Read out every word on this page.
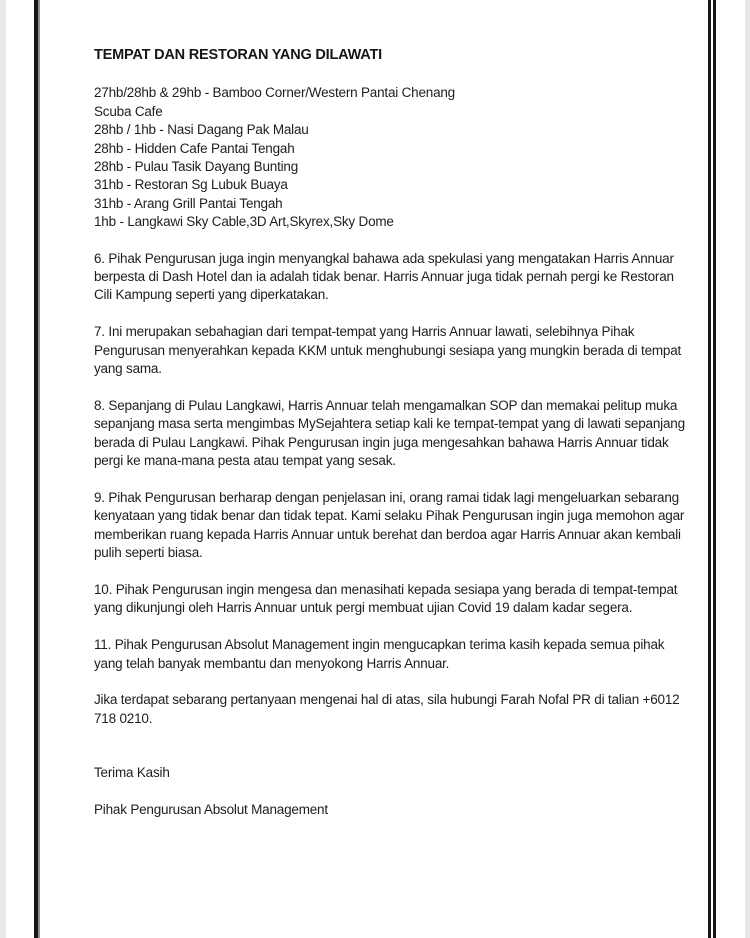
TEMPAT DAN RESTORAN YANG DILAWATI
27hb/28hb & 29hb - Bamboo Corner/Western Pantai Chenang
Scuba Cafe
28hb / 1hb - Nasi Dagang Pak Malau
28hb - Hidden Cafe Pantai Tengah
28hb - Pulau Tasik Dayang Bunting
31hb - Restoran Sg Lubuk Buaya
31hb - Arang Grill Pantai Tengah
1hb - Langkawi Sky Cable,3D Art,Skyrex,Sky Dome

6. Pihak Pengurusan juga ingin menyangkal bahawa ada spekulasi yang mengatakan Harris Annuar berpesta di Dash Hotel dan ia adalah tidak benar. Harris Annuar juga tidak pernah pergi ke Restoran Cili Kampung seperti yang diperkatakan.

7. Ini merupakan sebahagian dari tempat-tempat yang Harris Annuar lawati, selebihnya Pihak Pengurusan menyerahkan kepada KKM untuk menghubungi sesiapa yang mungkin berada di tempat yang sama.

8. Sepanjang di Pulau Langkawi, Harris Annuar telah mengamalkan SOP dan memakai pelitup muka sepanjang masa serta mengimbas MySejahtera setiap kali ke tempat-tempat yang di lawati sepanjang berada di Pulau Langkawi. Pihak Pengurusan ingin juga mengesahkan bahawa Harris Annuar tidak pergi ke mana-mana pesta atau tempat yang sesak.

9. Pihak Pengurusan berharap dengan penjelasan ini, orang ramai tidak lagi mengeluarkan sebarang kenyataan yang tidak benar dan tidak tepat. Kami selaku Pihak Pengurusan ingin juga memohon agar memberikan ruang kepada Harris Annuar untuk berehat dan berdoa agar Harris Annuar akan kembali pulih seperti biasa.

10. Pihak Pengurusan ingin mengesa dan menasihati kepada sesiapa yang berada di tempat-tempat yang dikunjungi oleh Harris Annuar untuk pergi membuat ujian Covid 19 dalam kadar segera.

11. Pihak Pengurusan Absolut Management ingin mengucapkan terima kasih kepada semua pihak yang telah banyak membantu dan menyokong Harris Annuar.

Jika terdapat sebarang pertanyaan mengenai hal di atas, sila hubungi Farah Nofal PR di talian +6012 718 0210.

Terima Kasih

Pihak Pengurusan Absolut Management
